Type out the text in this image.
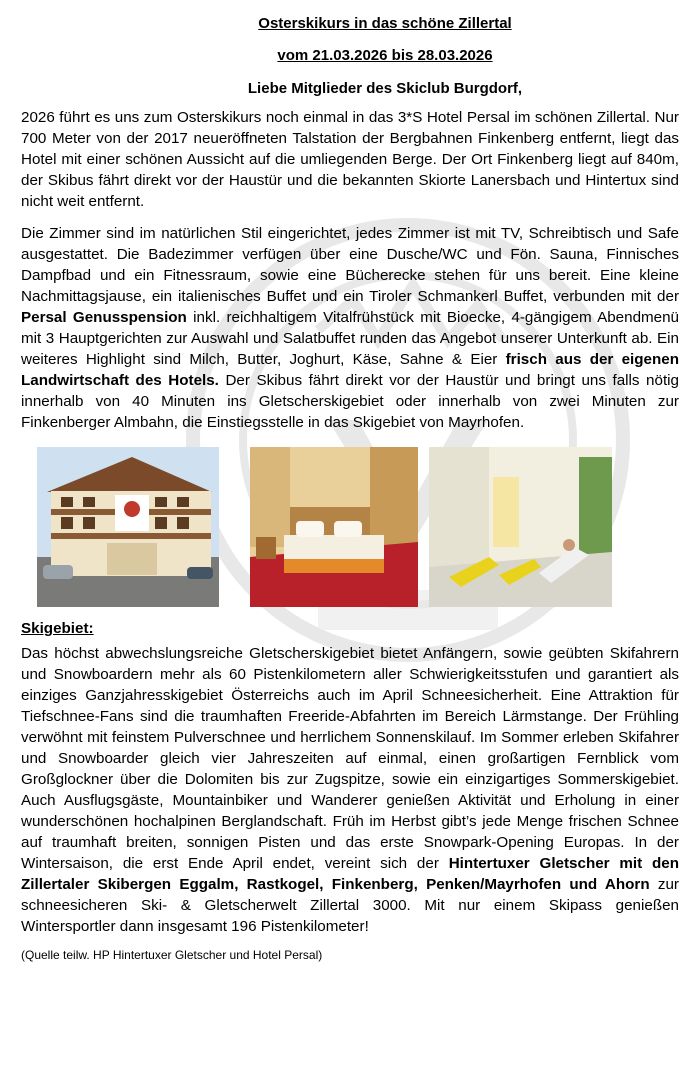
Osterskikurs in das schöne Zillertal

vom 21.03.2026 bis 28.03.2026

Liebe Mitglieder des Skiclub Burgdorf,

2026 führt es uns zum Osterskikurs noch einmal in das 3*S Hotel Persal im schönen Zillertal. Nur 700 Meter von der 2017 neueröffneten Talstation der Bergbahnen Finkenberg entfernt, liegt das Hotel mit einer schönen Aussicht auf die umliegenden Berge. Der Ort Finkenberg liegt auf 840m, der Skibus fährt direkt vor der Haustür und die bekannten Skiorte Lanersbach und Hintertux sind nicht weit entfernt.

Die Zimmer sind im natürlichen Stil eingerichtet, jedes Zimmer ist mit TV, Schreibtisch und Safe ausgestattet. Die Badezimmer verfügen über eine Dusche/WC und Fön. Sauna, Finnisches Dampfbad und ein Fitnessraum, sowie eine Bücherecke stehen für uns bereit. Eine kleine Nachmittagsjause, ein italienisches Buffet und ein Tiroler Schmankerl Buffet, verbunden mit der Persal Genusspension inkl. reichhaltigem Vitalfrühstück mit Bioecke, 4-gängigem Abendmenü mit 3 Hauptgerichten zur Auswahl und Salatbuffet runden das Angebot unserer Unterkunft ab. Ein weiteres Highlight sind Milch, Butter, Joghurt, Käse, Sahne & Eier frisch aus der eigenen Landwirtschaft des Hotels. Der Skibus fährt direkt vor der Haustür und bringt uns falls nötig innerhalb von 40 Minuten ins Gletscherskigebiet oder innerhalb von zwei Minuten zur Finkenberger Almbahn, die Einstiegsstelle in das Skigebiet von Mayrhofen.

Skigebiet:

Das höchst abwechslungsreiche Gletscherskigebiet bietet Anfängern, sowie geübten Skifahrern und Snowboardern mehr als 60 Pistenkilometern aller Schwierigkeitsstufen und garantiert als einziges Ganzjahresskigebiet Österreichs auch im April Schneesicherheit. Eine Attraktion für Tiefschnee-Fans sind die traumhaften Freeride-Abfahrten im Bereich Lärmstange. Der Frühling verwöhnt mit feinstem Pulverschnee und herrlichem Sonnenskilauf. Im Sommer erleben Skifahrer und Snowboarder gleich vier Jahreszeiten auf einmal, einen großartigen Fernblick vom Großglockner über die Dolomiten bis zur Zugspitze, sowie ein einzigartiges Sommerskigebiet. Auch Ausflugsgäste, Mountainbiker und Wanderer genießen Aktivität und Erholung in einer wunderschönen hochalpinen Berglandschaft. Früh im Herbst gibt’s jede Menge frischen Schnee auf traumhaft breiten, sonnigen Pisten und das erste Snowpark-Opening Europas. In der Wintersaison, die erst Ende April endet, vereint sich der Hintertuxer Gletscher mit den Zillertaler Skibergen Eggalm, Rastkogel, Finkenberg, Penken/Mayrhofen und Ahorn zur schneesicheren Ski- & Gletscherwelt Zillertal 3000. Mit nur einem Skipass genießen Wintersportler dann insgesamt 196 Pistenkilometer!

(Quelle teilw. HP Hintertuxer Gletscher und Hotel Persal)
